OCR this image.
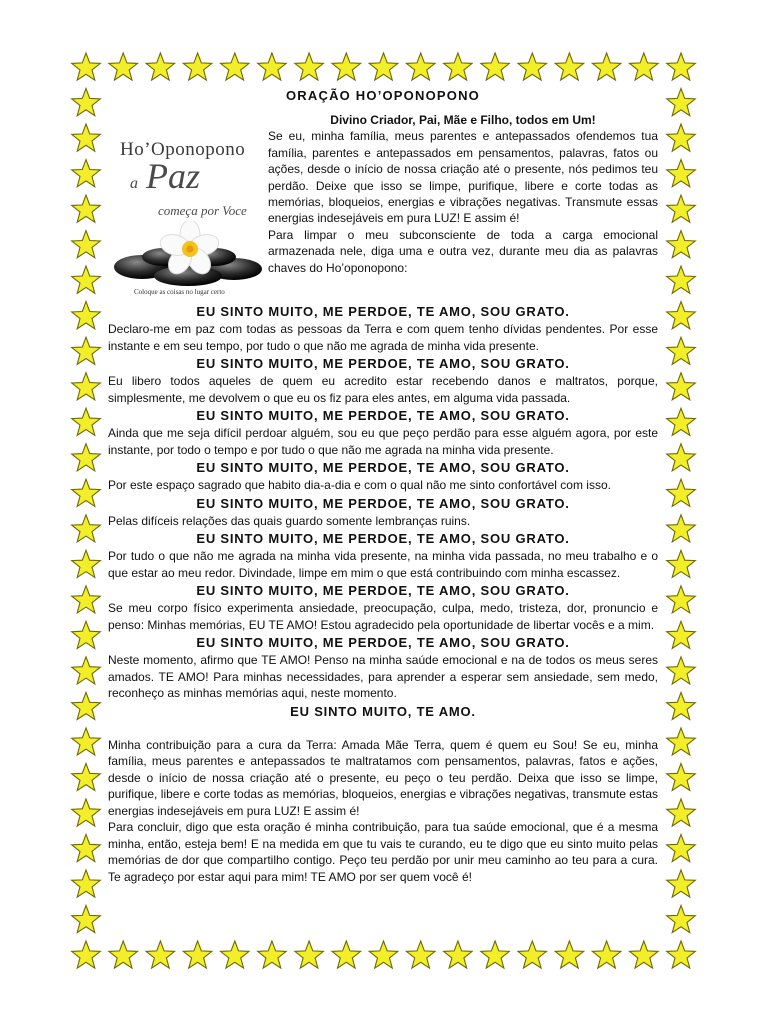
ORAÇÃO HO’OPONOPONO
Ho’Oponopono
a Paz
começa por Voce
Coloque as coisas no lugar certo

Divino Criador, Pai, Mãe e Filho, todos em Um!

Se eu, minha família, meus parentes e antepassados ofendemos tua família, parentes e antepassados em pensamentos, palavras, fatos ou ações, desde o início de nossa criação até o presente, nós pedimos teu perdão. Deixe que isso se limpe, purifique, libere e corte todas as memórias, bloqueios, energias e vibrações negativas. Transmute essas energias indesejáveis em pura LUZ! E assim é!

Para limpar o meu subconsciente de toda a carga emocional armazenada nele, diga uma e outra vez, durante meu dia as palavras chaves do Ho’oponopono:

EU SINTO MUITO, ME PERDOE, TE AMO, SOU GRATO.

Declaro-me em paz com todas as pessoas da Terra e com quem tenho dívidas pendentes. Por esse instante e em seu tempo, por tudo o que não me agrada de minha vida presente.

EU SINTO MUITO, ME PERDOE, TE AMO, SOU GRATO.

Eu libero todos aqueles de quem eu acredito estar recebendo danos e maltratos, porque, simplesmente, me devolvem o que eu os fiz para eles antes, em alguma vida passada.

EU SINTO MUITO, ME PERDOE, TE AMO, SOU GRATO.

Ainda que me seja difícil perdoar alguém, sou eu que peço perdão para esse alguém agora, por este instante, por todo o tempo e por tudo o que não me agrada na minha vida presente.

EU SINTO MUITO, ME PERDOE, TE AMO, SOU GRATO.

Por este espaço sagrado que habito dia-a-dia e com o qual não me sinto confortável com isso.

EU SINTO MUITO, ME PERDOE, TE AMO, SOU GRATO.

Pelas difíceis relações das quais guardo somente lembranças ruins.

EU SINTO MUITO, ME PERDOE, TE AMO, SOU GRATO.

Por tudo o que não me agrada na minha vida presente, na minha vida passada, no meu trabalho e o que estar ao meu redor. Divindade, limpe em mim o que está contribuindo com minha escassez.

EU SINTO MUITO, ME PERDOE, TE AMO, SOU GRATO.

Se meu corpo físico experimenta ansiedade, preocupação, culpa, medo, tristeza, dor, pronuncio e penso: Minhas memórias, EU TE AMO! Estou agradecido pela oportunidade de libertar vocês e a mim.

EU SINTO MUITO, ME PERDOE, TE AMO, SOU GRATO.

Neste momento, afirmo que TE AMO! Penso na minha saúde emocional e na de todos os meus seres amados. TE AMO! Para minhas necessidades, para aprender a esperar sem ansiedade, sem medo, reconheço as minhas memórias aqui, neste momento.

EU SINTO MUITO, TE AMO.

Minha contribuição para a cura da Terra: Amada Mãe Terra, quem é quem eu Sou! Se eu, minha família, meus parentes e antepassados te maltratamos com pensamentos, palavras, fatos e ações, desde o início de nossa criação até o presente, eu peço o teu perdão. Deixa que isso se limpe, purifique, libere e corte todas as memórias, bloqueios, energias e vibrações negativas, transmute estas energias indesejáveis em pura LUZ! E assim é!

Para concluir, digo que esta oração é minha contribuição, para tua saúde emocional, que é a mesma minha, então, esteja bem! E na medida em que tu vais te curando, eu te digo que eu sinto muito pelas memórias de dor que compartilho contigo. Peço teu perdão por unir meu caminho ao teu para a cura. Te agradeço por estar aqui para mim! TE AMO por ser quem você é!
